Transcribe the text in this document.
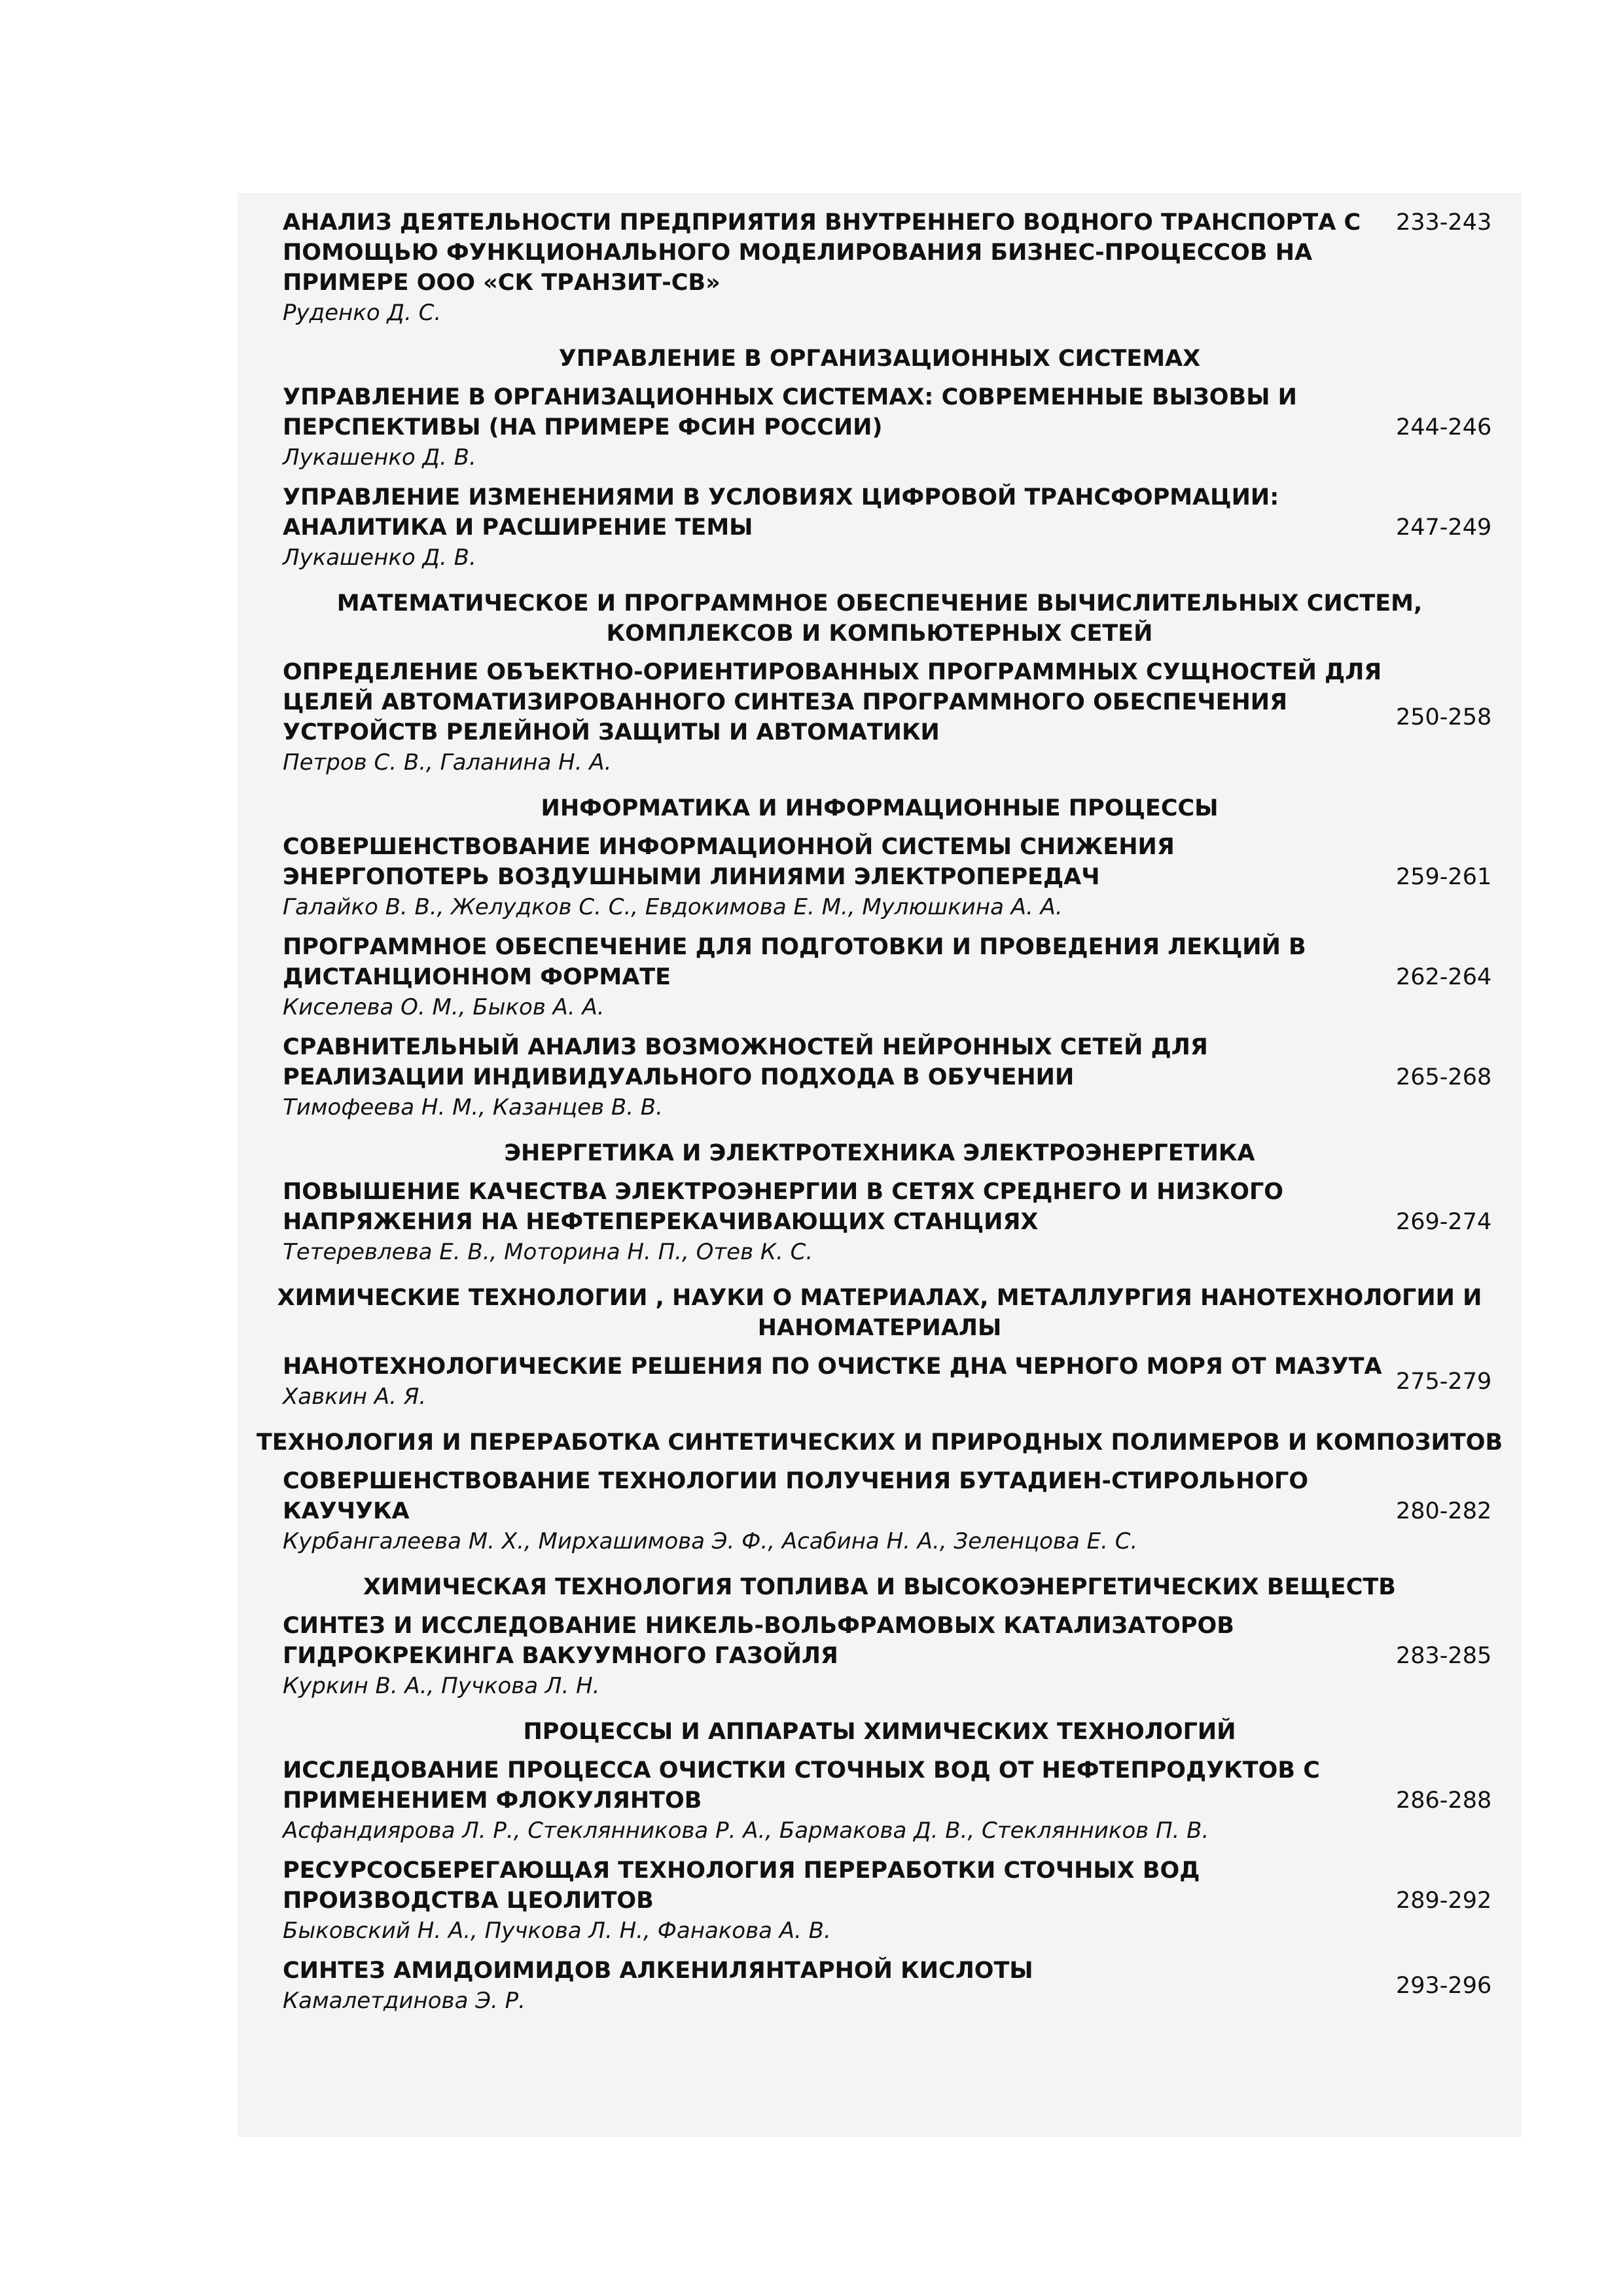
АНАЛИЗ ДЕЯТЕЛЬНОСТИ ПРЕДПРИЯТИЯ ВНУТРЕННЕГО ВОДНОГО ТРАНСПОРТА С ПОМОЩЬЮ ФУНКЦИОНАЛЬНОГО МОДЕЛИРОВАНИЯ БИЗНЕС-ПРОЦЕССОВ НА ПРИМЕРЕ ООО «СК ТРАНЗИТ-СВ»
Руденко Д. С.
233-243
УПРАВЛЕНИЕ В ОРГАНИЗАЦИОННЫХ СИСТЕМАХ
УПРАВЛЕНИЕ В ОРГАНИЗАЦИОННЫХ СИСТЕМАХ: СОВРЕМЕННЫЕ ВЫЗОВЫ И ПЕРСПЕКТИВЫ (НА ПРИМЕРЕ ФСИН РОССИИ)
Лукашенко Д. В.
244-246
УПРАВЛЕНИЕ ИЗМЕНЕНИЯМИ В УСЛОВИЯХ ЦИФРОВОЙ ТРАНСФОРМАЦИИ: АНАЛИТИКА И РАСШИРЕНИЕ ТЕМЫ
Лукашенко Д. В.
247-249
МАТЕМАТИЧЕСКОЕ И ПРОГРАММНОЕ ОБЕСПЕЧЕНИЕ ВЫЧИСЛИТЕЛЬНЫХ СИСТЕМ, КОМПЛЕКСОВ И КОМПЬЮТЕРНЫХ СЕТЕЙ
ОПРЕДЕЛЕНИЕ ОБЪЕКТНО-ОРИЕНТИРОВАННЫХ ПРОГРАММНЫХ СУЩНОСТЕЙ ДЛЯ ЦЕЛЕЙ АВТОМАТИЗИРОВАННОГО СИНТЕЗА ПРОГРАММНОГО ОБЕСПЕЧЕНИЯ УСТРОЙСТВ РЕЛЕЙНОЙ ЗАЩИТЫ И АВТОМАТИКИ
Петров С. В., Галанина Н. А.
250-258
ИНФОРМАТИКА И ИНФОРМАЦИОННЫЕ ПРОЦЕССЫ
СОВЕРШЕНСТВОВАНИЕ ИНФОРМАЦИОННОЙ СИСТЕМЫ СНИЖЕНИЯ ЭНЕРГОПОТЕРЬ ВОЗДУШНЫМИ ЛИНИЯМИ ЭЛЕКТРОПЕРЕДАЧ
Галайко В. В., Желудков С. С., Евдокимова Е. М., Мулюшкина А. А.
259-261
ПРОГРАММНОЕ ОБЕСПЕЧЕНИЕ ДЛЯ ПОДГОТОВКИ И ПРОВЕДЕНИЯ ЛЕКЦИЙ В ДИСТАНЦИОННОМ ФОРМАТЕ
Киселева О. М., Быков А. А.
262-264
СРАВНИТЕЛЬНЫЙ АНАЛИЗ ВОЗМОЖНОСТЕЙ НЕЙРОННЫХ СЕТЕЙ ДЛЯ РЕАЛИЗАЦИИ ИНДИВИДУАЛЬНОГО ПОДХОДА В ОБУЧЕНИИ
Тимофеева Н. М., Казанцев В. В.
265-268
ЭНЕРГЕТИКА И ЭЛЕКТРОТЕХНИКА ЭЛЕКТРОЭНЕРГЕТИКА
ПОВЫШЕНИЕ КАЧЕСТВА ЭЛЕКТРОЭНЕРГИИ В СЕТЯХ СРЕДНЕГО И НИЗКОГО НАПРЯЖЕНИЯ НА НЕФТЕПЕРЕКАЧИВАЮЩИХ СТАНЦИЯХ
Тетеревлева Е. В., Моторина Н. П., Отев К. С.
269-274
ХИМИЧЕСКИЕ ТЕХНОЛОГИИ , НАУКИ О МАТЕРИАЛАХ, МЕТАЛЛУРГИЯ НАНОТЕХНОЛОГИИ И НАНОМАТЕРИАЛЫ
НАНОТЕХНОЛОГИЧЕСКИЕ РЕШЕНИЯ ПО ОЧИСТКЕ ДНА ЧЕРНОГО МОРЯ ОТ МАЗУТА
Хавкин А. Я.
275-279
ТЕХНОЛОГИЯ И ПЕРЕРАБОТКА СИНТЕТИЧЕСКИХ И ПРИРОДНЫХ ПОЛИМЕРОВ И КОМПОЗИТОВ
СОВЕРШЕНСТВОВАНИЕ ТЕХНОЛОГИИ ПОЛУЧЕНИЯ БУТАДИЕН-СТИРОЛЬНОГО КАУЧУКА
Курбангалеева М. Х., Мирхашимова Э. Ф., Асабина Н. А., Зеленцова Е. С.
280-282
ХИМИЧЕСКАЯ ТЕХНОЛОГИЯ ТОПЛИВА И ВЫСОКОЭНЕРГЕТИЧЕСКИХ ВЕЩЕСТВ
СИНТЕЗ И ИССЛЕДОВАНИЕ НИКЕЛЬ-ВОЛЬФРАМОВЫХ КАТАЛИЗАТОРОВ ГИДРОКРЕКИНГА ВАКУУМНОГО ГАЗОЙЛЯ
Куркин В. А., Пучкова Л. Н.
283-285
ПРОЦЕССЫ И АППАРАТЫ ХИМИЧЕСКИХ ТЕХНОЛОГИЙ
ИССЛЕДОВАНИЕ ПРОЦЕССА ОЧИСТКИ СТОЧНЫХ ВОД ОТ НЕФТЕПРОДУКТОВ С ПРИМЕНЕНИЕМ ФЛОКУЛЯНТОВ
Асфандиярова Л. Р., Стеклянникова Р. А., Бармакова Д. В., Стеклянников П. В.
286-288
РЕСУРСОСБЕРЕГАЮЩАЯ ТЕХНОЛОГИЯ ПЕРЕРАБОТКИ СТОЧНЫХ ВОД ПРОИЗВОДСТВА ЦЕОЛИТОВ
Быковский Н. А., Пучкова Л. Н., Фанакова А. В.
289-292
СИНТЕЗ АМИДОИМИДОВ АЛКЕНИЛЯНТАРНОЙ КИСЛОТЫ
Камалетдинова Э. Р.
293-296
